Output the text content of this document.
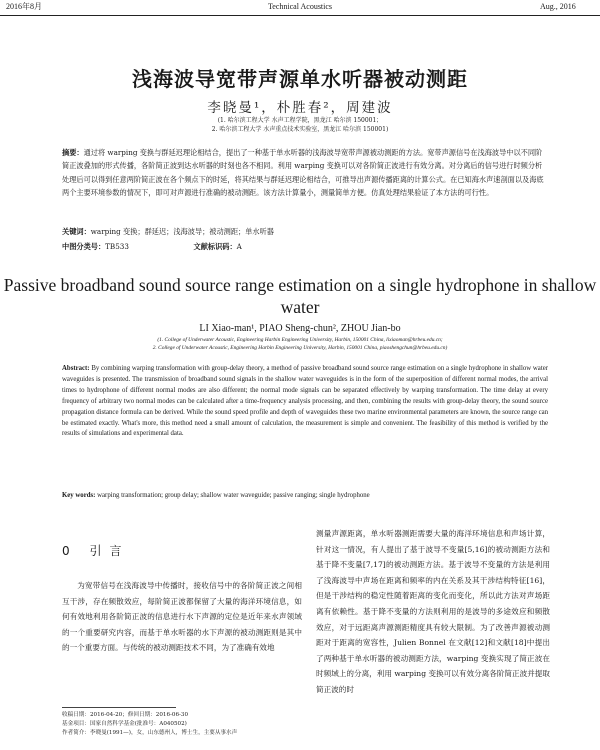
2016年8月	Technical Acoustics	Aug., 2016
浅海波导宽带声源单水听器被动测距
李晓曼¹，朴胜春²，周建波
(1. 哈尔滨工程大学 水声工程学院，黑龙江 哈尔滨 150001；
2. 哈尔滨工程大学 水声重点技术实验室，黑龙江 哈尔滨 150001)
摘要：通过将 warping 变换与群延迟理论相结合，提出了一种基于单水听器的浅海波导宽带声源被动测距的方法。宽带声源信号在浅海波导中以不同阶简正波叠加的形式传播，各阶简正波到达水听器的时刻也各不相同。利用 warping 变换可以对各阶简正波进行有效分离。对分离后的信号进行时频分析处理后可以得到任意两阶简正波在各个频点下的时延，将其结果与群延迟理论相结合，可推导出声源传播距离的计算公式。在已知海水声速剖面以及海底两个主要环境参数的情况下，即可对声源进行准确的被动测距。该方法计算量小，测量简单方便。仿真处理结果验证了本方法的可行性。
关键词：warping 变换；群延迟；浅海波导；被动测距；单水听器
中图分类号：TB533	文献标识码：A
Passive broadband sound source range estimation on a single hydrophone in shallow water
LI Xiao-man¹, PIAO Sheng-chun², ZHOU Jian-bo
(1. College of Underwater Acoustic, Engineering Harbin Engineering University, Harbin, 150001 China, lixiaoman@hrbeu.edu.cn;
2. College of Underwater Acoustic, Engineering Harbin Engineering University, Harbin, 150001 China, piaoshengchun@hrbeu.edu.cn)
Abstract: By combining warping transformation with group-delay theory, a method of passive broadband sound source range estimation on a single hydrophone in shallow water waveguides is presented. The transmission of broadband sound signals in the shallow water waveguides is in the form of the superposition of different normal modes, the arrival times to hydrophone of different normal modes are also different; the normal mode signals can be separated effectively by warping transformation. The time delay at every frequency of arbitrary two normal modes can be calculated after a time-frequency analysis processing, and then, combining the results with group-delay theory, the sound source propagation distance formula can be derived. While the sound speed profile and depth of waveguides these two marine environmental parameters are known, the source range can be estimated exactly. What's more, this method need a small amount of calculation, the measurement is simple and convenient. The feasibility of this method is verified by the results of simulations and experimental data.
Key words: warping transformation; group delay; shallow water waveguide; passive ranging; single hydrophone
0 引言
为宽带信号在浅海波导中传播时，接收信号中的各阶简正波之间相互干涉，存在频散效应，每阶简正波都保留了大量的海洋环境信息，如何有效地利用各阶简正波的信息进行水下声源的定位是近年来水声领域的一个重要研究内容，而基于单水听器的水下声源的被动测距则是其中的一个重要方面。与传统的被动测距技术不同，为了准确有效地
测量声源距离，单水听器测距需要大量的海洋环境信息和声场计算，针对这一情况，有人提出了基于波导不变量[5,16]的被动测距方法和基于降不变量[7,17]的被动测距方法。基于波导不变量的方法是利用了浅海波导中声场在距离和频率的内在关系及其干涉结构特征[16]，但是干涉结构的稳定性随着距离的变化而变化，所以此方法对声场距离有依赖性。基于降不变量的方法则利用的是波导的多途效应和频散效应，对于远距离声源测距精度具有较大限制。为了改善声源被动测距对于距离的宽容性，Julien Bonnel 在文献[12]和文献[18]中提出了两种基于单水听器的被动测距方法，warping 变换实现了简正波在时频域上的分离，利用 warping 变换可以有效分离各阶简正波并提取简正波的时
收稿日期：2016-04-20；修回日期：2016-06-30
基金项目：国家自然科学基金(批准号：A040502)
作者简介：李晓曼(1991—)，女，山东德州人，博士生，主要从事水声
